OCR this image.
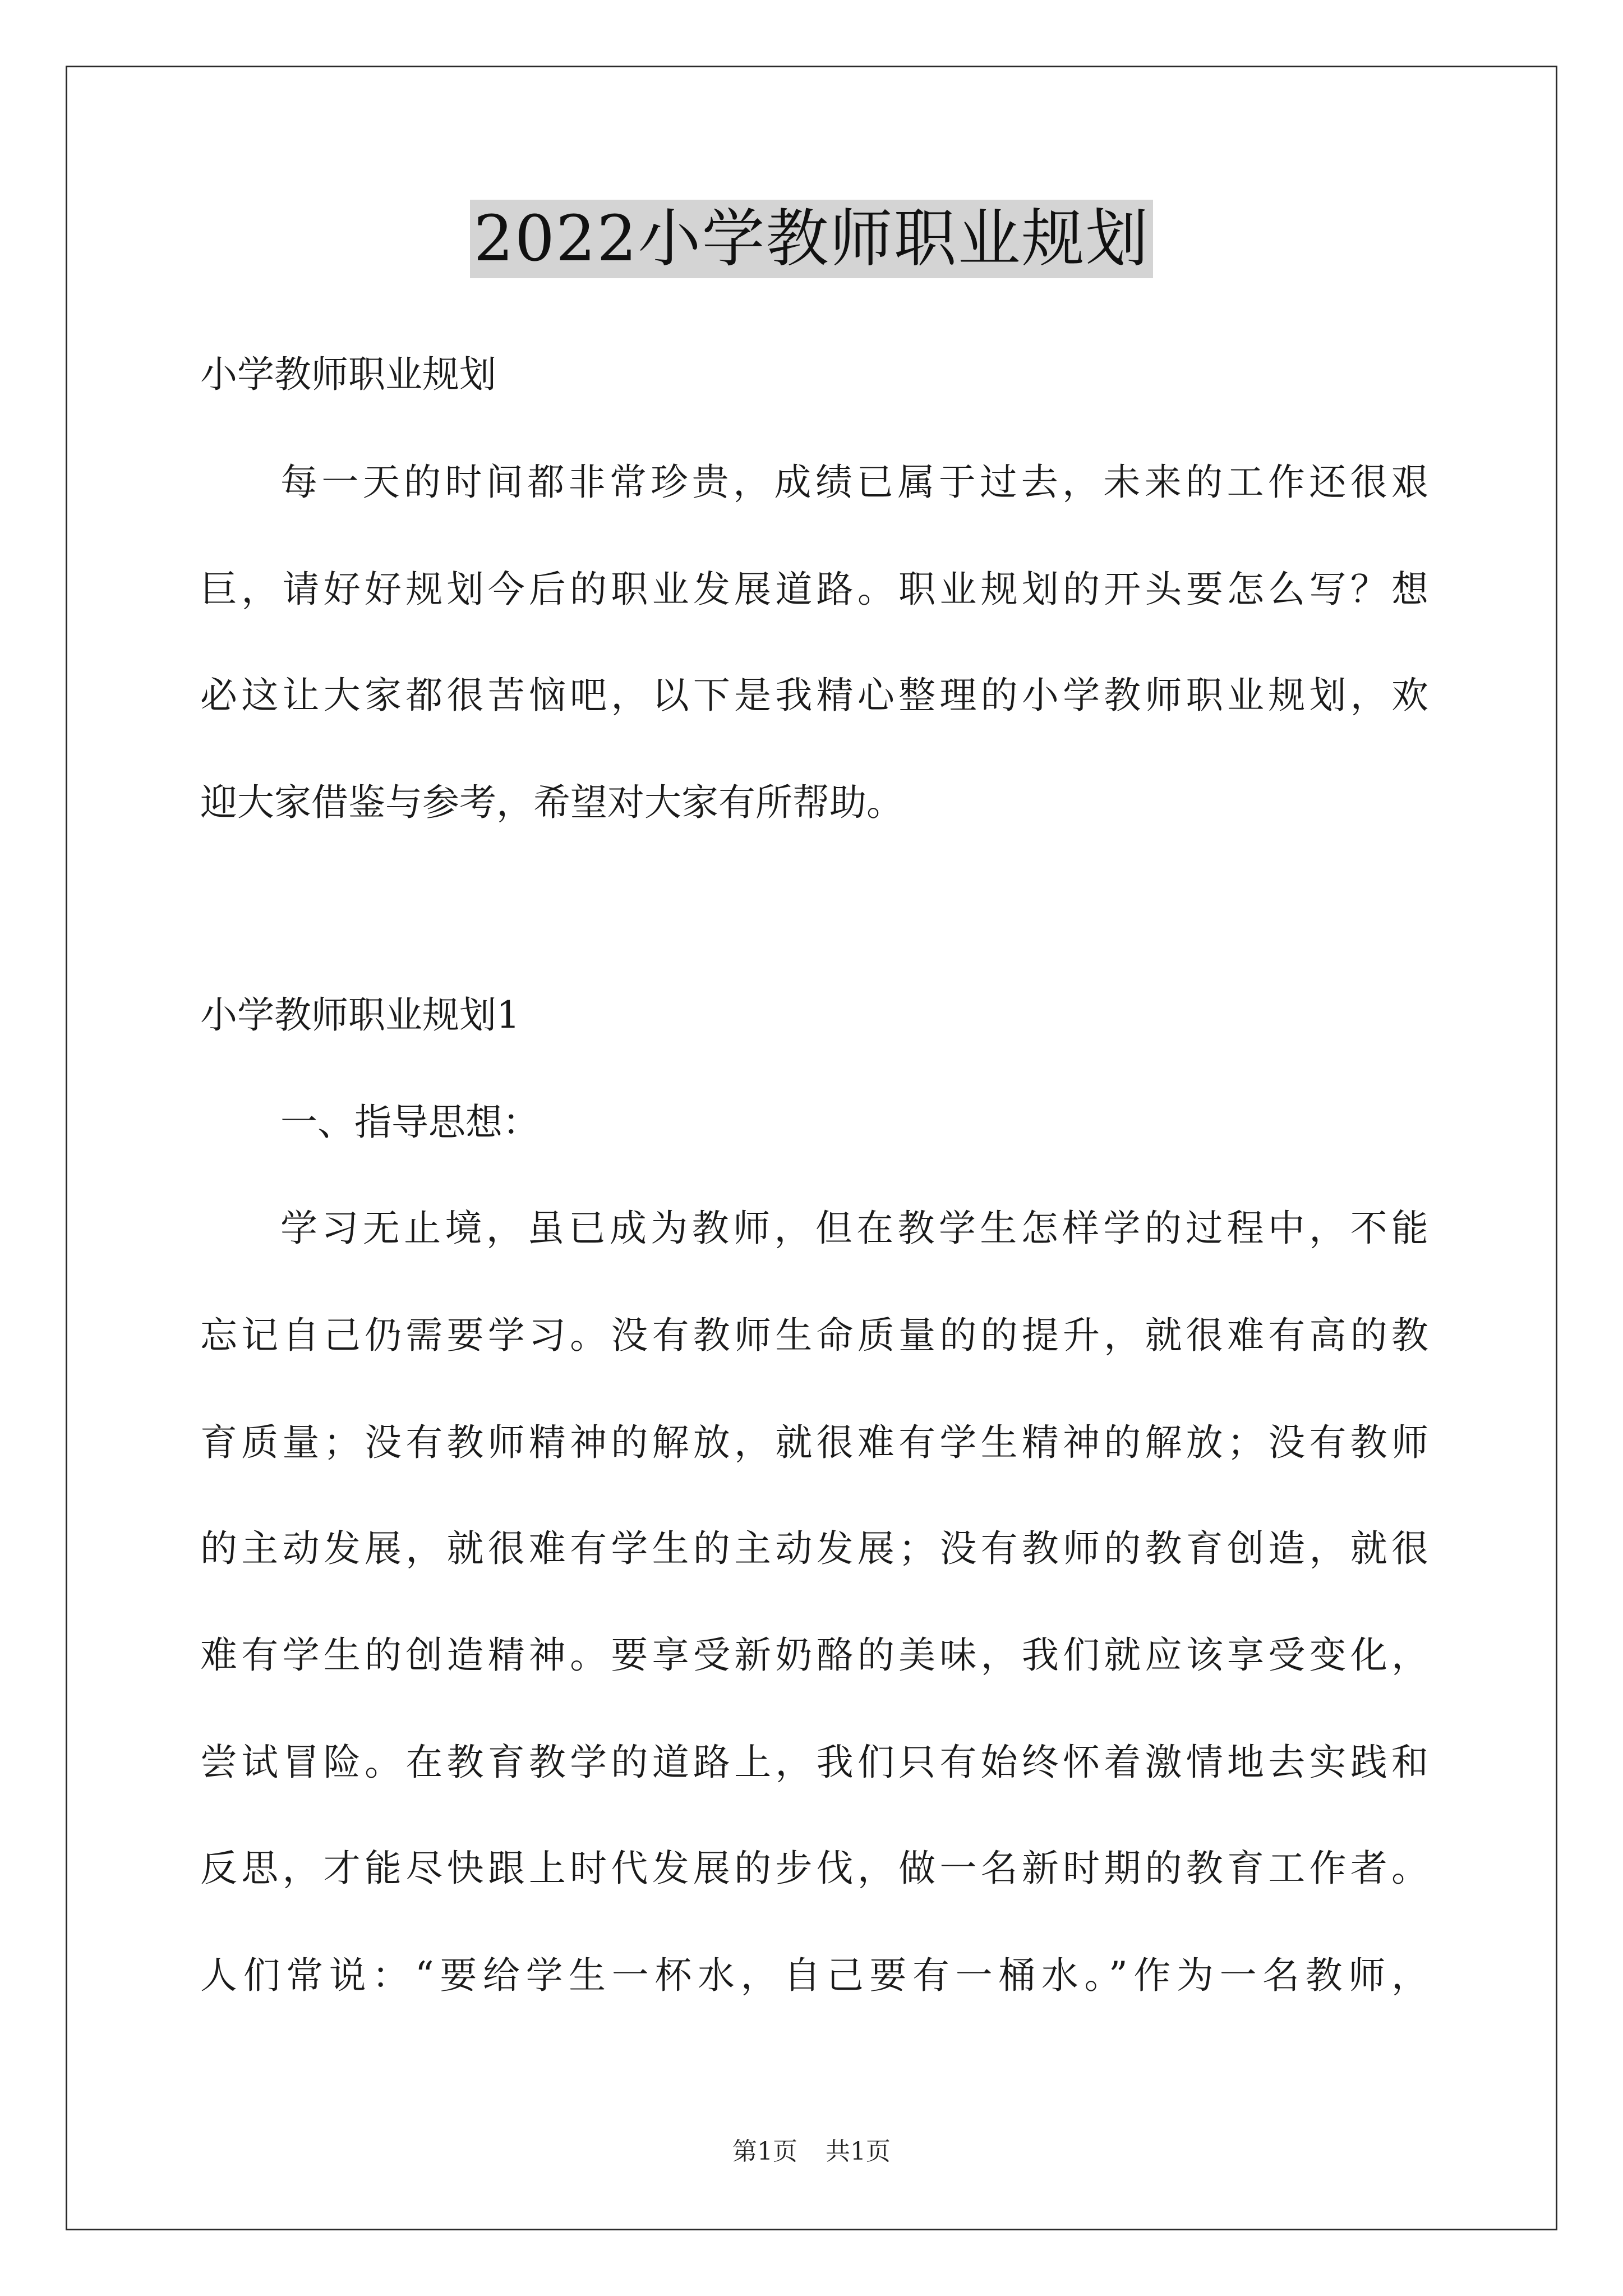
2022小学教师职业规划
小学教师职业规划
每一天的时间都非常珍贵，成绩已属于过去，未来的工作还很艰
巨，请好好规划今后的职业发展道路。职业规划的开头要怎么写？想
必这让大家都很苦恼吧，以下是我精心整理的小学教师职业规划，欢
迎大家借鉴与参考，希望对大家有所帮助。
小学教师职业规划1
一、指导思想：
学习无止境，虽已成为教师，但在教学生怎样学的过程中，不能
忘记自己仍需要学习。没有教师生命质量的的提升，就很难有高的教
育质量；没有教师精神的解放，就很难有学生精神的解放；没有教师
的主动发展，就很难有学生的主动发展；没有教师的教育创造，就很
难有学生的创造精神。要享受新奶酪的美味，我们就应该享受变化，
尝试冒险。在教育教学的道路上，我们只有始终怀着激情地去实践和
反思，才能尽快跟上时代发展的步伐，做一名新时期的教育工作者。
人们常说：“要给学生一杯水，自己要有一桶水。”作为一名教师，
第1页 共1页
